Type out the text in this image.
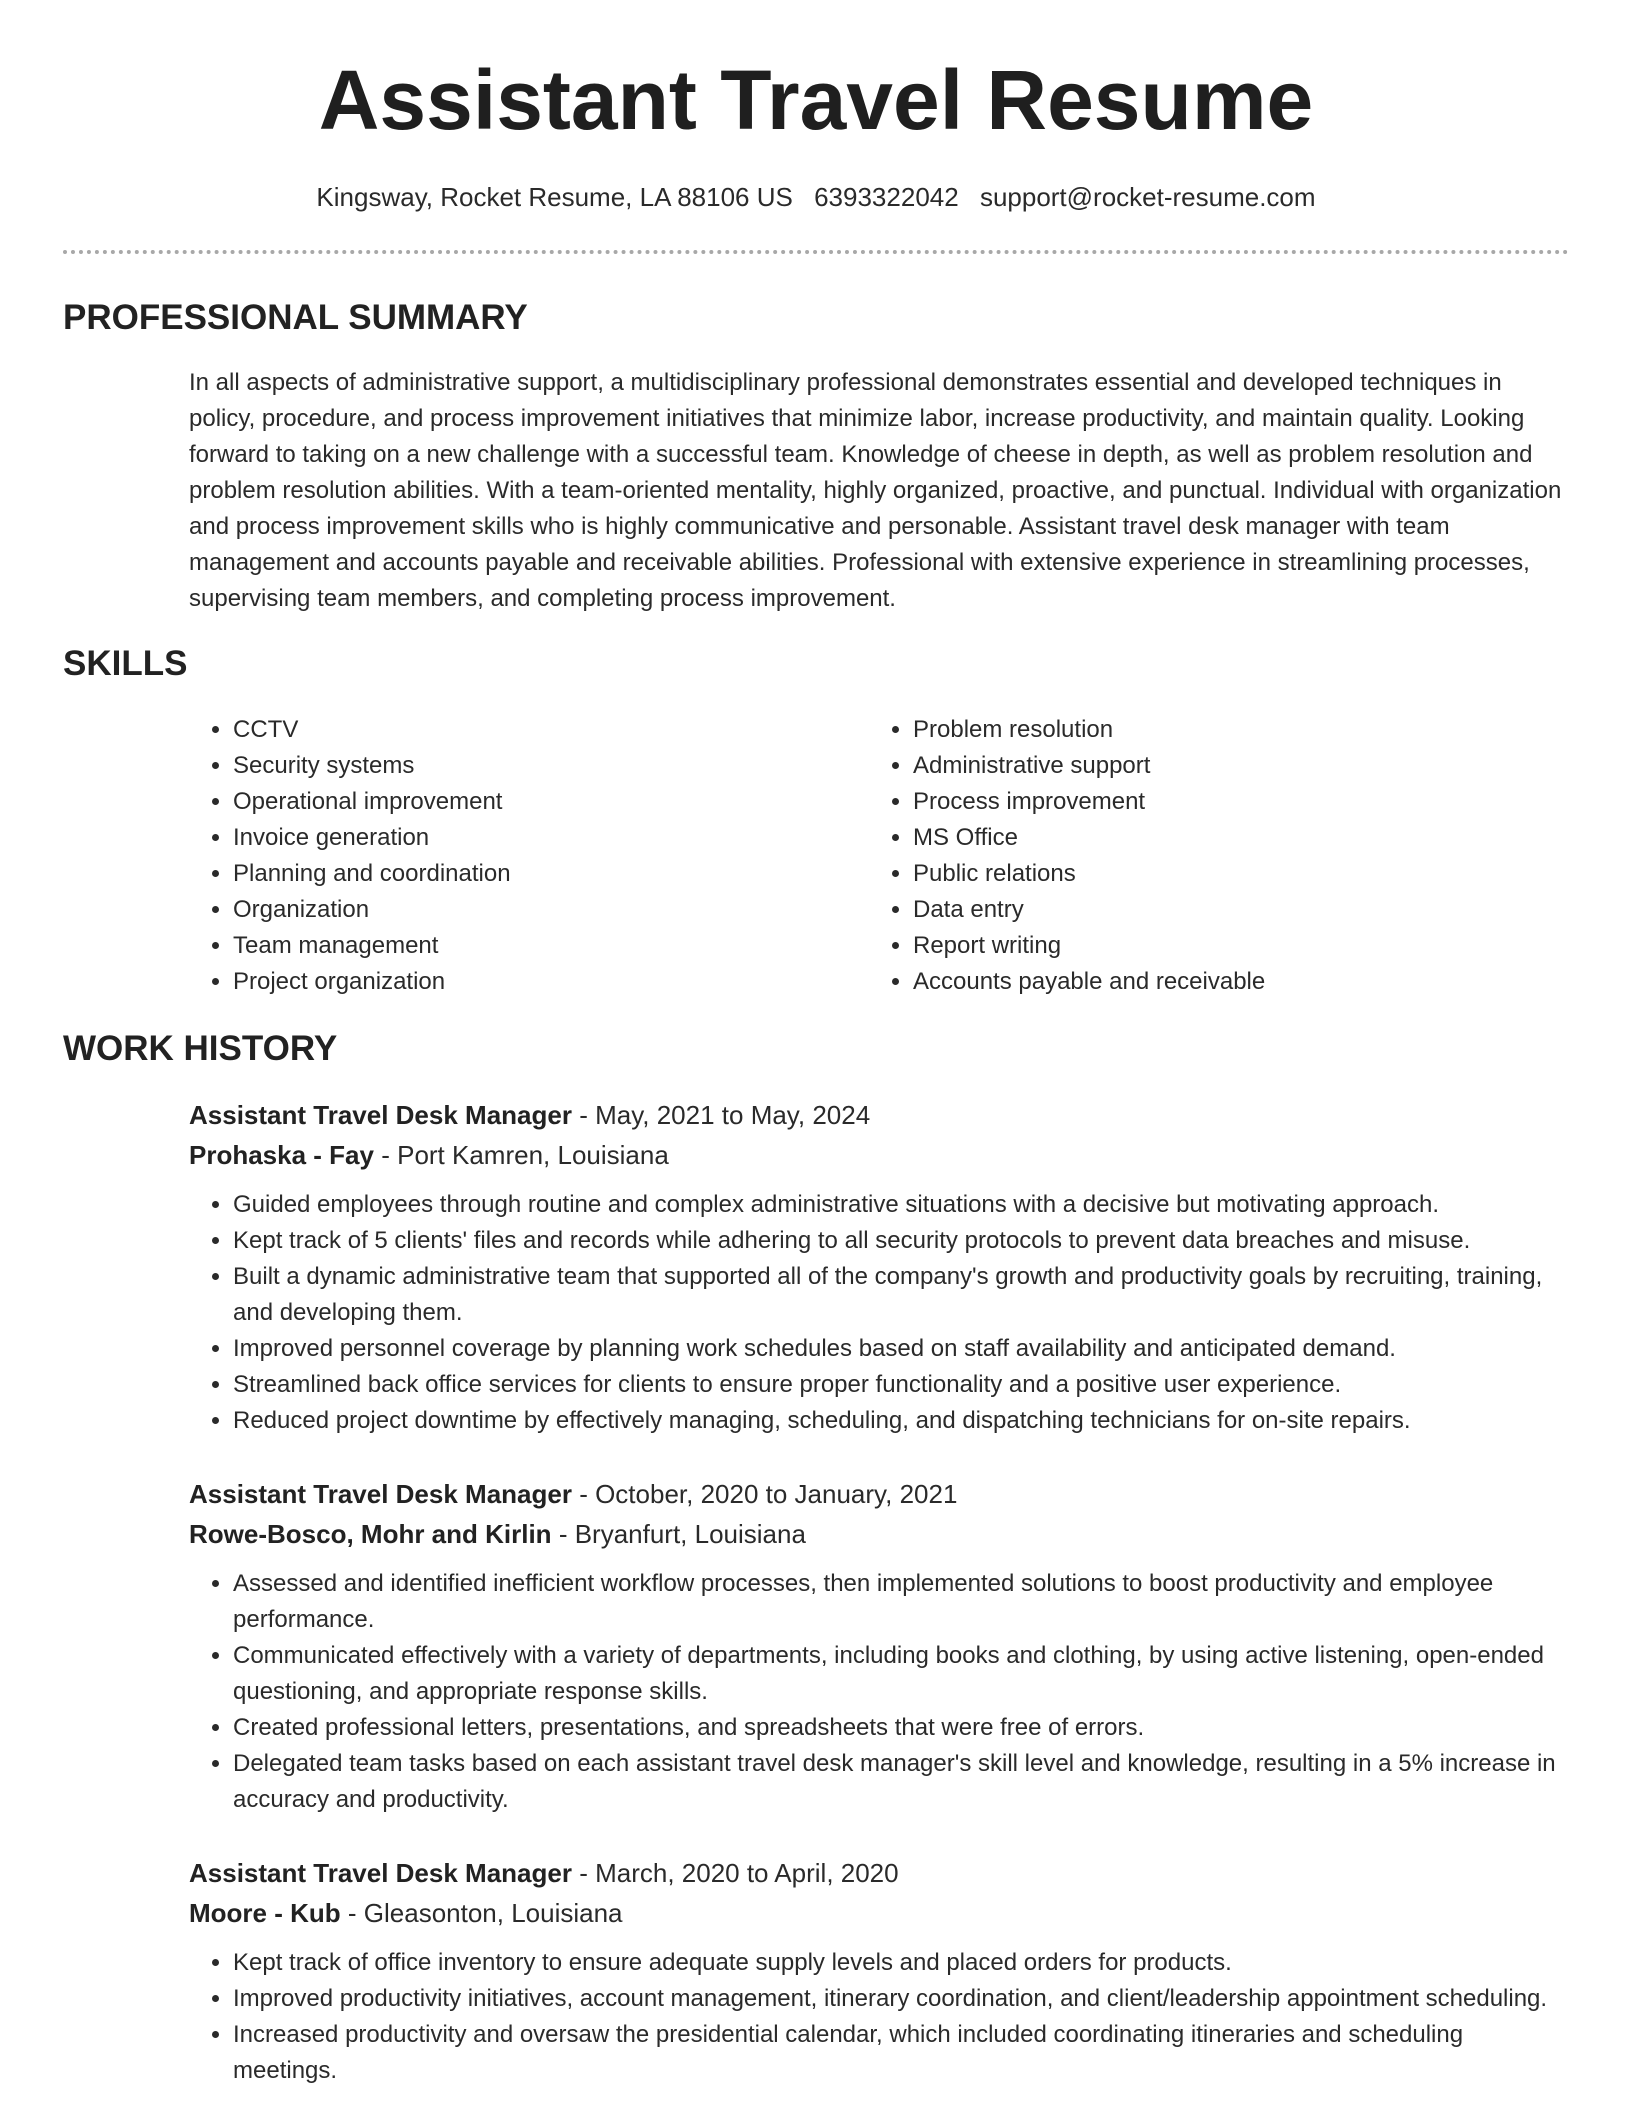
Assistant Travel Resume
Kingsway, Rocket Resume, LA 88106 US 6393322042 support@rocket-resume.com
PROFESSIONAL SUMMARY
In all aspects of administrative support, a multidisciplinary professional demonstrates essential and developed techniques in policy, procedure, and process improvement initiatives that minimize labor, increase productivity, and maintain quality. Looking forward to taking on a new challenge with a successful team. Knowledge of cheese in depth, as well as problem resolution and problem resolution abilities. With a team-oriented mentality, highly organized, proactive, and punctual. Individual with organization and process improvement skills who is highly communicative and personable. Assistant travel desk manager with team management and accounts payable and receivable abilities. Professional with extensive experience in streamlining processes, supervising team members, and completing process improvement.
SKILLS
• CCTV
• Security systems
• Operational improvement
• Invoice generation
• Planning and coordination
• Organization
• Team management
• Project organization
• Problem resolution
• Administrative support
• Process improvement
• MS Office
• Public relations
• Data entry
• Report writing
• Accounts payable and receivable
WORK HISTORY
Assistant Travel Desk Manager - May, 2021 to May, 2024
Prohaska - Fay - Port Kamren, Louisiana
• Guided employees through routine and complex administrative situations with a decisive but motivating approach.
• Kept track of 5 clients' files and records while adhering to all security protocols to prevent data breaches and misuse.
• Built a dynamic administrative team that supported all of the company's growth and productivity goals by recruiting, training, and developing them.
• Improved personnel coverage by planning work schedules based on staff availability and anticipated demand.
• Streamlined back office services for clients to ensure proper functionality and a positive user experience.
• Reduced project downtime by effectively managing, scheduling, and dispatching technicians for on-site repairs.
Assistant Travel Desk Manager - October, 2020 to January, 2021
Rowe-Bosco, Mohr and Kirlin - Bryanfurt, Louisiana
• Assessed and identified inefficient workflow processes, then implemented solutions to boost productivity and employee performance.
• Communicated effectively with a variety of departments, including books and clothing, by using active listening, open-ended questioning, and appropriate response skills.
• Created professional letters, presentations, and spreadsheets that were free of errors.
• Delegated team tasks based on each assistant travel desk manager's skill level and knowledge, resulting in a 5% increase in accuracy and productivity.
Assistant Travel Desk Manager - March, 2020 to April, 2020
Moore - Kub - Gleasonton, Louisiana
• Kept track of office inventory to ensure adequate supply levels and placed orders for products.
• Improved productivity initiatives, account management, itinerary coordination, and client/leadership appointment scheduling.
• Increased productivity and oversaw the presidential calendar, which included coordinating itineraries and scheduling meetings.
